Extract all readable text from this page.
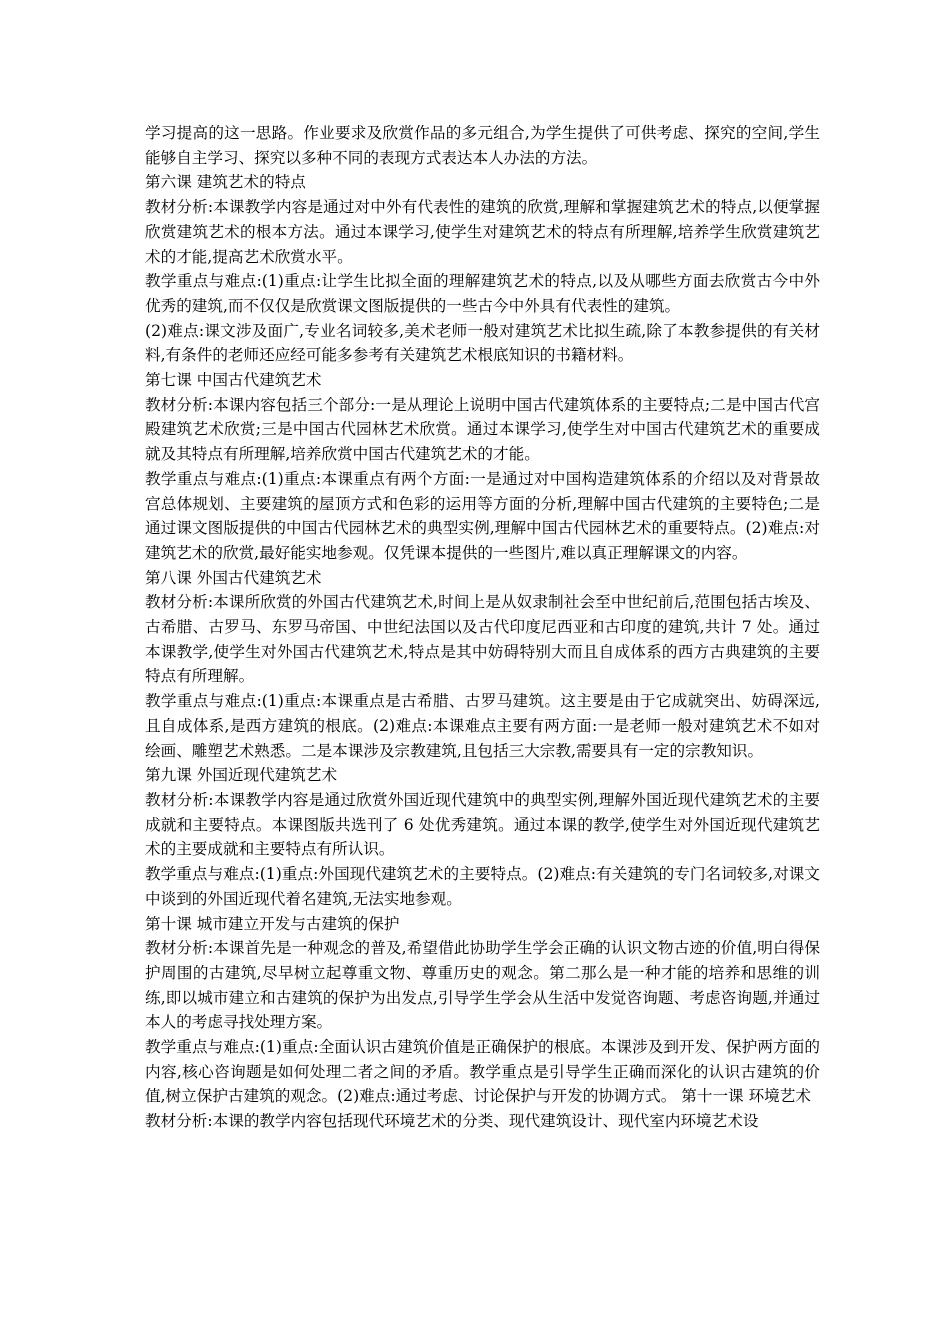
学习提高的这一思路。作业要求及欣赏作品的多元组合,为学生提供了可供考虑、探究的空间,学生能够自主学习、探究以多种不同的表现方式表达本人办法的方法。

第六课 建筑艺术的特点

教材分析:本课教学内容是通过对中外有代表性的建筑的欣赏,理解和掌握建筑艺术的特点,以便掌握欣赏建筑艺术的根本方法。通过本课学习,使学生对建筑艺术的特点有所理解,培养学生欣赏建筑艺术的才能,提高艺术欣赏水平。

教学重点与难点:(1)重点:让学生比拟全面的理解建筑艺术的特点,以及从哪些方面去欣赏古今中外优秀的建筑,而不仅仅是欣赏课文图版提供的一些古今中外具有代表性的建筑。

(2)难点:课文涉及面广,专业名词较多,美术老师一般对建筑艺术比拟生疏,除了本教参提供的有关材料,有条件的老师还应经可能多参考有关建筑艺术根底知识的书籍材料。

第七课 中国古代建筑艺术

教材分析:本课内容包括三个部分:一是从理论上说明中国古代建筑体系的主要特点;二是中国古代宫殿建筑艺术欣赏;三是中国古代园林艺术欣赏。通过本课学习,使学生对中国古代建筑艺术的重要成就及其特点有所理解,培养欣赏中国古代建筑艺术的才能。

教学重点与难点:(1)重点:本课重点有两个方面:一是通过对中国构造建筑体系的介绍以及对背景故宫总体规划、主要建筑的屋顶方式和色彩的运用等方面的分析,理解中国古代建筑的主要特色;二是通过课文图版提供的中国古代园林艺术的典型实例,理解中国古代园林艺术的重要特点。(2)难点:对建筑艺术的欣赏,最好能实地参观。仅凭课本提供的一些图片,难以真正理解课文的内容。

第八课 外国古代建筑艺术

教材分析:本课所欣赏的外国古代建筑艺术,时间上是从奴隶制社会至中世纪前后,范围包括古埃及、古希腊、古罗马、东罗马帝国、中世纪法国以及古代印度尼西亚和古印度的建筑,共计 7 处。通过本课教学,使学生对外国古代建筑艺术,特点是其中妨碍特别大而且自成体系的西方古典建筑的主要特点有所理解。

教学重点与难点:(1)重点:本课重点是古希腊、古罗马建筑。这主要是由于它成就突出、妨碍深远,且自成体系,是西方建筑的根底。(2)难点:本课难点主要有两方面:一是老师一般对建筑艺术不如对绘画、雕塑艺术熟悉。二是本课涉及宗教建筑,且包括三大宗教,需要具有一定的宗教知识。

第九课 外国近现代建筑艺术

教材分析:本课教学内容是通过欣赏外国近现代建筑中的典型实例,理解外国近现代建筑艺术的主要成就和主要特点。本课图版共选刊了 6 处优秀建筑。通过本课的教学,使学生对外国近现代建筑艺术的主要成就和主要特点有所认识。

教学重点与难点:(1)重点:外国现代建筑艺术的主要特点。(2)难点:有关建筑的专门名词较多,对课文中谈到的外国近现代着名建筑,无法实地参观。

第十课 城市建立开发与古建筑的保护

教材分析:本课首先是一种观念的普及,希望借此协助学生学会正确的认识文物古迹的价值,明白得保护周围的古建筑,尽早树立起尊重文物、尊重历史的观念。第二那么是一种才能的培养和思维的训练,即以城市建立和古建筑的保护为出发点,引导学生学会从生活中发觉咨询题、考虑咨询题,并通过本人的考虑寻找处理方案。

教学重点与难点:(1)重点:全面认识古建筑价值是正确保护的根底。本课涉及到开发、保护两方面的内容,核心咨询题是如何处理二者之间的矛盾。教学重点是引导学生正确而深化的认识古建筑的价值,树立保护古建筑的观念。(2)难点:通过考虑、讨论保护与开发的协调方式。 第十一课 环境艺术

教材分析:本课的教学内容包括现代环境艺术的分类、现代建筑设计、现代室内环境艺术设
